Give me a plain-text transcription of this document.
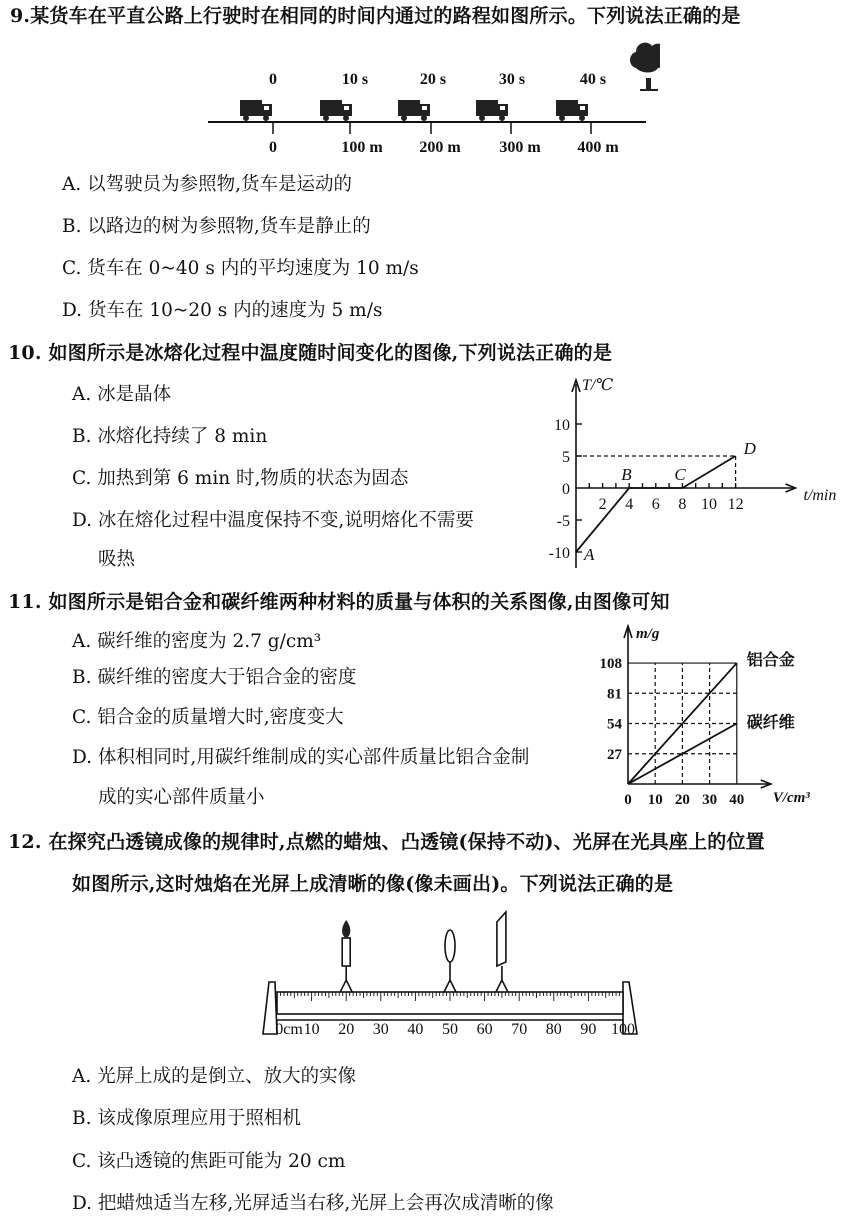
9.某货车在平直公路上行驶时在相同的时间内通过的路程如图所示。下列说法正确的是
0	10 s	20 s	30 s	40 s
0	100 m 200 m 300 m 400 m
A. 以驾驶员为参照物,货车是运动的
B. 以路边的树为参照物,货车是静止的
C. 货车在 0~40 s 内的平均速度为 10 m/s
D. 货车在 10~20 s 内的速度为 5 m/s
10. 如图所示是冰熔化过程中温度随时间变化的图像,下列说法正确的是
A. 冰是晶体
B. 冰熔化持续了 8 min
C. 加热到第 6 min 时,物质的状态为固态
D. 冰在熔化过程中温度保持不变,说明熔化不需要
吸热
T/℃
t/min
10
5
0
-5
-10
2 4 6 8 10 12
A
B	C
D
11. 如图所示是铝合金和碳纤维两种材料的质量与体积的关系图像,由图像可知
A. 碳纤维的密度为 2.7 g/cm³
B. 碳纤维的密度大于铝合金的密度
C. 铝合金的质量增大时,密度变大
D. 体积相同时,用碳纤维制成的实心部件质量比铝合金制
成的实心部件质量小
m/g
V/cm³
108
81
54
27
0 10 20 30 40
铝合金
碳纤维
12. 在探究凸透镜成像的规律时,点燃的蜡烛、凸透镜(保持不动)、光屏在光具座上的位置
如图所示,这时烛焰在光屏上成清晰的像(像未画出)。下列说法正确的是
0cm 10 20 30 40 50 60 70 80 90 100
A. 光屏上成的是倒立、放大的实像
B. 该成像原理应用于照相机
C. 该凸透镜的焦距可能为 20 cm
D. 把蜡烛适当左移,光屏适当右移,光屏上会再次成清晰的像
